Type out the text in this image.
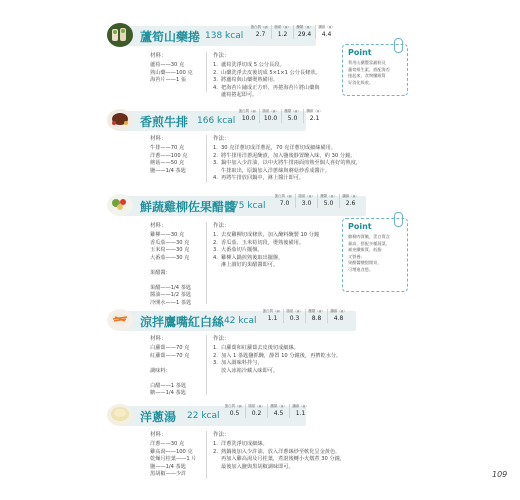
蘆筍山藥捲 138 kcal
蛋白質（g）
2.7
脂肪（g）
1.2
醣類（g）
29.4
纖維（g）
4.4
材料：
蘆筍——30 克
熟山藥——100 克
海苔片——1 張
作法：
1. 蘆筍洗淨切成 5 公分長段。
2. 山藥洗淨去皮後切成 5×1×1 公分長條狀。
3. 將蘆筍與山藥燙熟備用。
4. 把海苔片鋪成正方形，再捲海苔片將山藥與
蘆筍捲起即可。
Point
利用山藥豐富澱粉及
蘆筍維生素，搭配海苔
捲起來，食物纖維質
好消化吸收。
香煎牛排 166 kcal
蛋白質（g）
10.0
脂肪（g）
10.0
醣類（g）
5.0
纖維（g）
2.1
材料：
牛排——70 克
洋蔥——100 克
蘑菇——50 克
鹽——1/4 茶匙
作法：
1. 30 克洋蔥切成洋蔥泥，70 克洋蔥切成細絲備用。
2. 將牛排用洋蔥泥醃漬，加入鹽後靜置醃入味，約 30 分鐘。
3. 鍋中加入少許油，以中火將牛排兩面煎熟至個人喜好的熟度，
牛排取出，原鍋加入洋蔥絲與蘑菇炒香成醬汁。
4. 再將牛排放回鍋中，淋上醬汁即可。
鮮蔬雞柳佐果醋醬
75 kcal
蛋白質（g）
7.0
脂肪（g）
3.0
醣類（g）
5.0
纖維（g）
2.6
材料：
雞柳——30 克
香瓜茄——30 克
玉米筍——30 克
大番茄——30 克
果醋醬：
果醋——1/4 茶匙
醬油——1/2 茶匙
冷開水——1 茶匙
作法：
1. 去皮雞柳切成條狀，加入醃料醃製 10 分鐘
2. 香瓜茄、玉米筍切段，燙熟後備用。
3. 大番茄切片擺盤。
4. 雞柳入鍋煎熟後取出擺盤，
淋上調好的果醋醬即可。
Point
雞柳肉質嫩，蛋白質含
量高，搭配多種蔬菜，
補充纖維質，低脂
又營養。
果醋醬酸甜開胃，
可增進食慾。
涼拌鷹嘴紅白絲 42 kcal
蛋白質（g）
1.1
脂肪（g）
0.3
醣類（g）
8.8
纖維（g）
4.8
材料：
白蘿蔔——70 克
紅蘿蔔——70 克
調味料：
白醋——1 茶匙
糖——1/4 茶匙
作法：
1. 白蘿蔔和紅蘿蔔去皮後切成細絲。
2. 加入 1 茶匙鹽抓醃，靜置 10 分鐘後，再擠乾水分。
3. 加入調味料拌勻，
放入冰箱冷藏入味即可。
洋蔥湯 22 kcal
蛋白質（g）
0.5
脂肪（g）
0.2
醣類（g）
4.5
纖維（g）
1.1
材料：
洋蔥——30 克
雞高湯——100 克
乾燥月桂葉——1 片
鹽——1/4 茶匙
黑胡椒——少許
作法：
1. 洋蔥洗淨切成細絲。
2. 熱鍋後加入少許油，放入洋蔥絲炒至軟化呈金黃色，
再加入雞高湯及月桂葉，煮滾後轉小火燉煮 30 分鐘，
最後加入鹽與黑胡椒調味即可。
109
